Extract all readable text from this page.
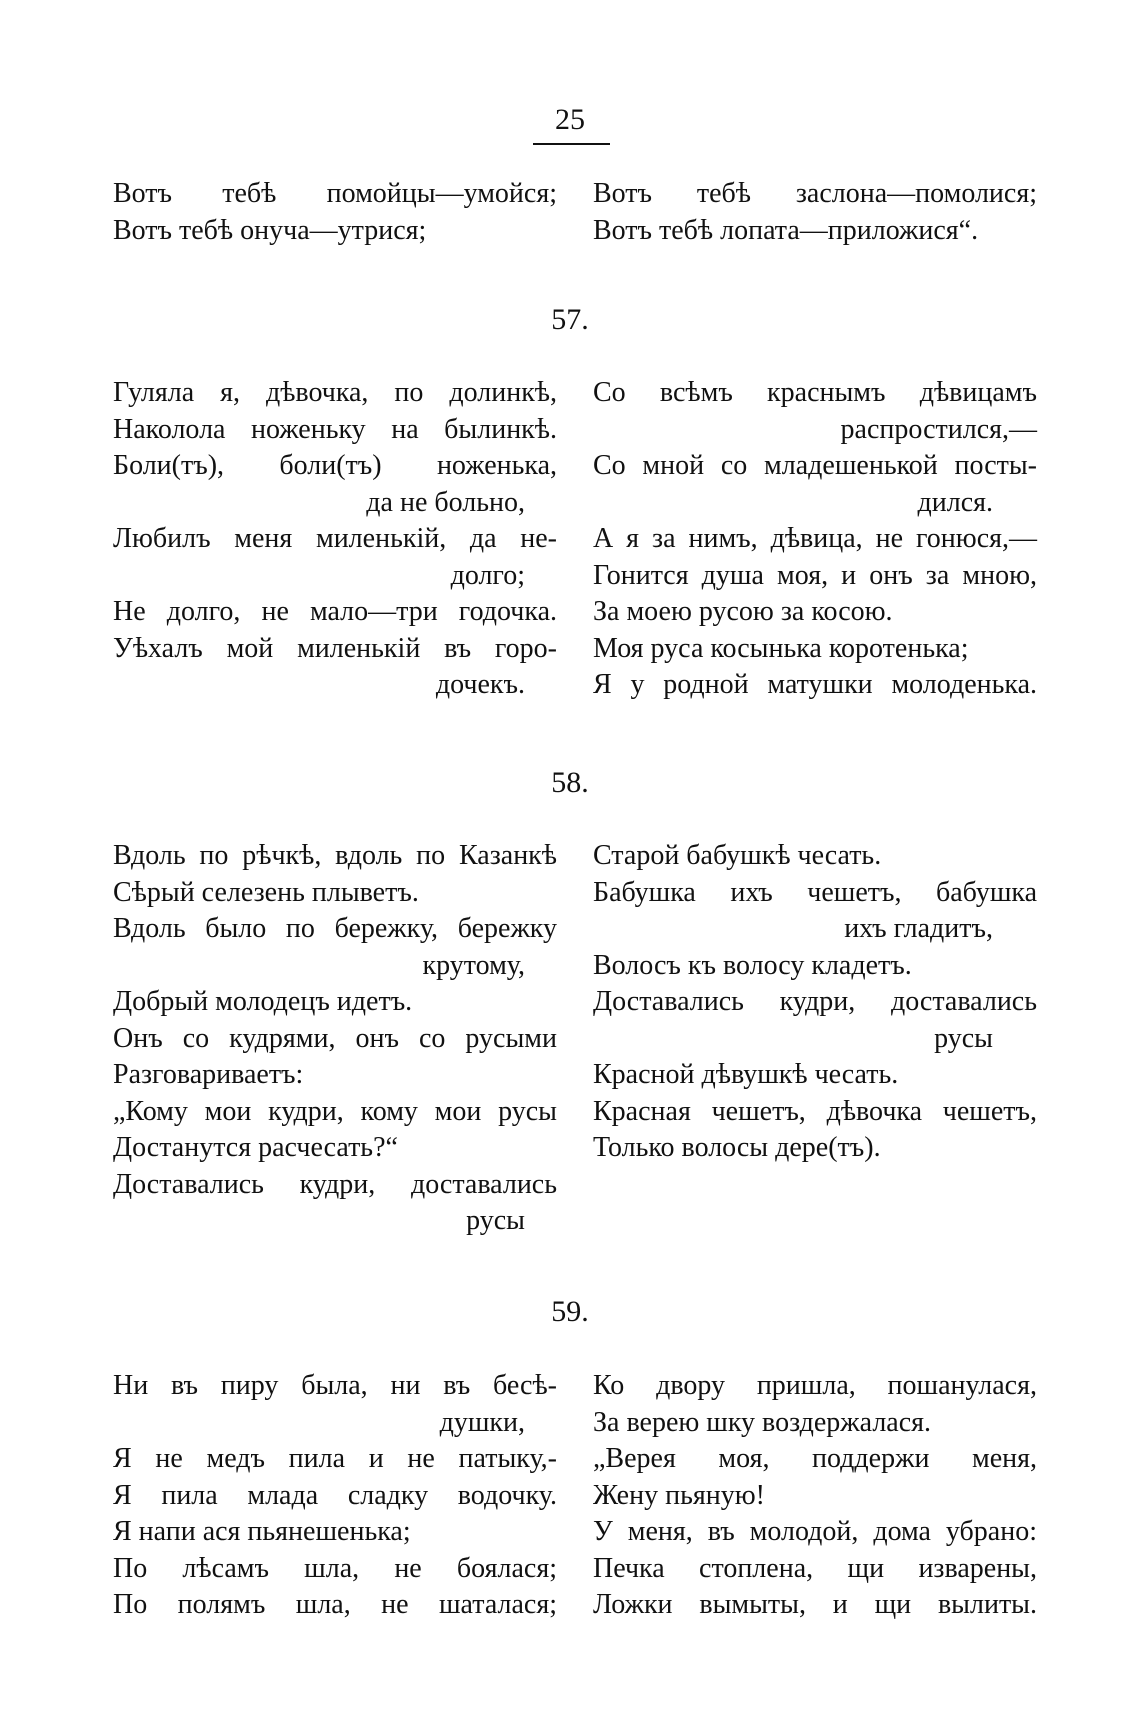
25
Вотъ тебѣ помойцы—умойся;
Вотъ тебѣ онуча—утрися;
Вотъ тебѣ заслона—помолися;
Вотъ тебѣ лопата—приложися“.
57.
Гуляла я, дѣвочка, по долинкѣ,
Наколола ноженьку на былинкѣ.
Боли(тъ), боли(тъ) ноженька,
да не больно,
Любилъ меня миленькій, да не-
долго;
Не долго, не мало—три годочка.
Уѣхалъ мой миленькій въ горо-
дочекъ.
Со всѣмъ краснымъ дѣвицамъ
распростился,—
Со мной со младешенькой посты-
дился.
А я за нимъ, дѣвица, не гонюся,—
Гонится душа моя, и онъ за мною,
За моею русою за косою.
Моя руса косынька коротенька;
Я у родной матушки молоденька.
58.
Вдоль по рѣчкѣ, вдоль по Казанкѣ
Сѣрый селезень плыветъ.
Вдоль было по бережку, бережку
крутому,
Добрый молодецъ идетъ.
Онъ со кудрями, онъ со русыми
Разговариваетъ:
„Кому мои кудри, кому мои русы
Достанутся расчесать?“
Доставались кудри, доставались
русы
Старой бабушкѣ чесать.
Бабушка ихъ чешетъ, бабушка
ихъ гладитъ,
Волосъ къ волосу кладетъ.
Доставались кудри, доставались
русы
Красной дѣвушкѣ чесать.
Красная чешетъ, дѣвочка чешетъ,
Только волосы дере(тъ).
59.
Ни въ пиру была, ни въ бесѣ-
душки,
Я не медъ пила и не патыку,-
Я пила млада сладку водочку.
Я напи ася пьянешенька;
По лѣсамъ шла, не боялася;
По полямъ шла, не шаталася;
Ко двору пришла, пошанулася,
За верею шку воздержалася.
„Верея моя, поддержи меня,
Жену пьяную!
У меня, въ молодой, дома убрано:
Печка стоплена, щи изварены,
Ложки вымыты, и щи вылиты.
